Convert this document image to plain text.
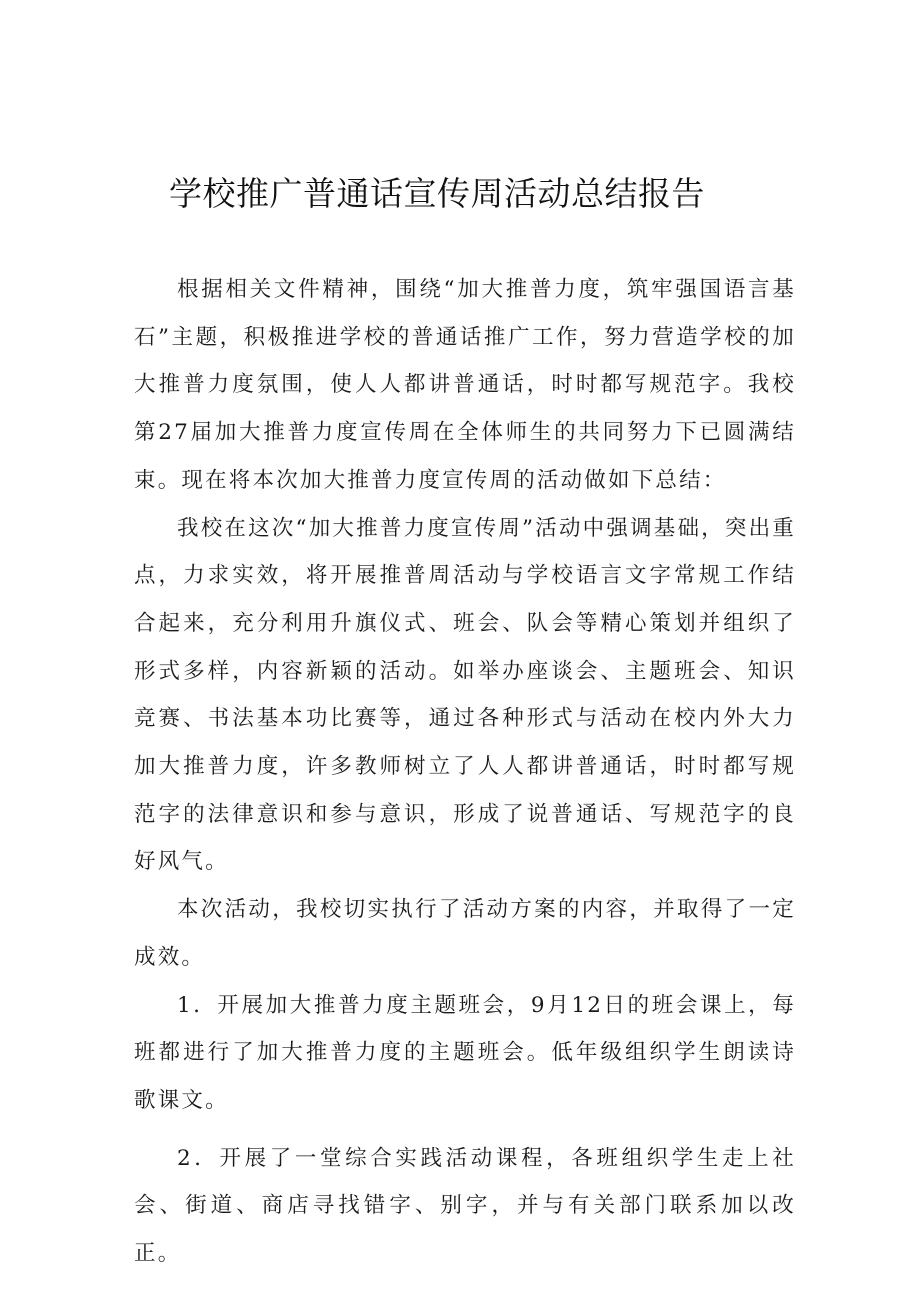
学校推广普通话宣传周活动总结报告

根据相关文件精神，围绕“加大推普力度，筑牢强国语言基石”主题，积极推进学校的普通话推广工作，努力营造学校的加大推普力度氛围，使人人都讲普通话，时时都写规范字。我校第27届加大推普力度宣传周在全体师生的共同努力下已圆满结束。现在将本次加大推普力度宣传周的活动做如下总结：

我校在这次“加大推普力度宣传周”活动中强调基础，突出重点，力求实效，将开展推普周活动与学校语言文字常规工作结合起来，充分利用升旗仪式、班会、队会等精心策划并组织了形式多样，内容新颖的活动。如举办座谈会、主题班会、知识竞赛、书法基本功比赛等，通过各种形式与活动在校内外大力加大推普力度，许多教师树立了人人都讲普通话，时时都写规范字的法律意识和参与意识，形成了说普通话、写规范字的良好风气。

本次活动，我校切实执行了活动方案的内容，并取得了一定成效。

1．开展加大推普力度主题班会，9月12日的班会课上，每班都进行了加大推普力度的主题班会。低年级组织学生朗读诗歌课文。

2．开展了一堂综合实践活动课程，各班组织学生走上社会、街道、商店寻找错字、别字，并与有关部门联系加以改正。
